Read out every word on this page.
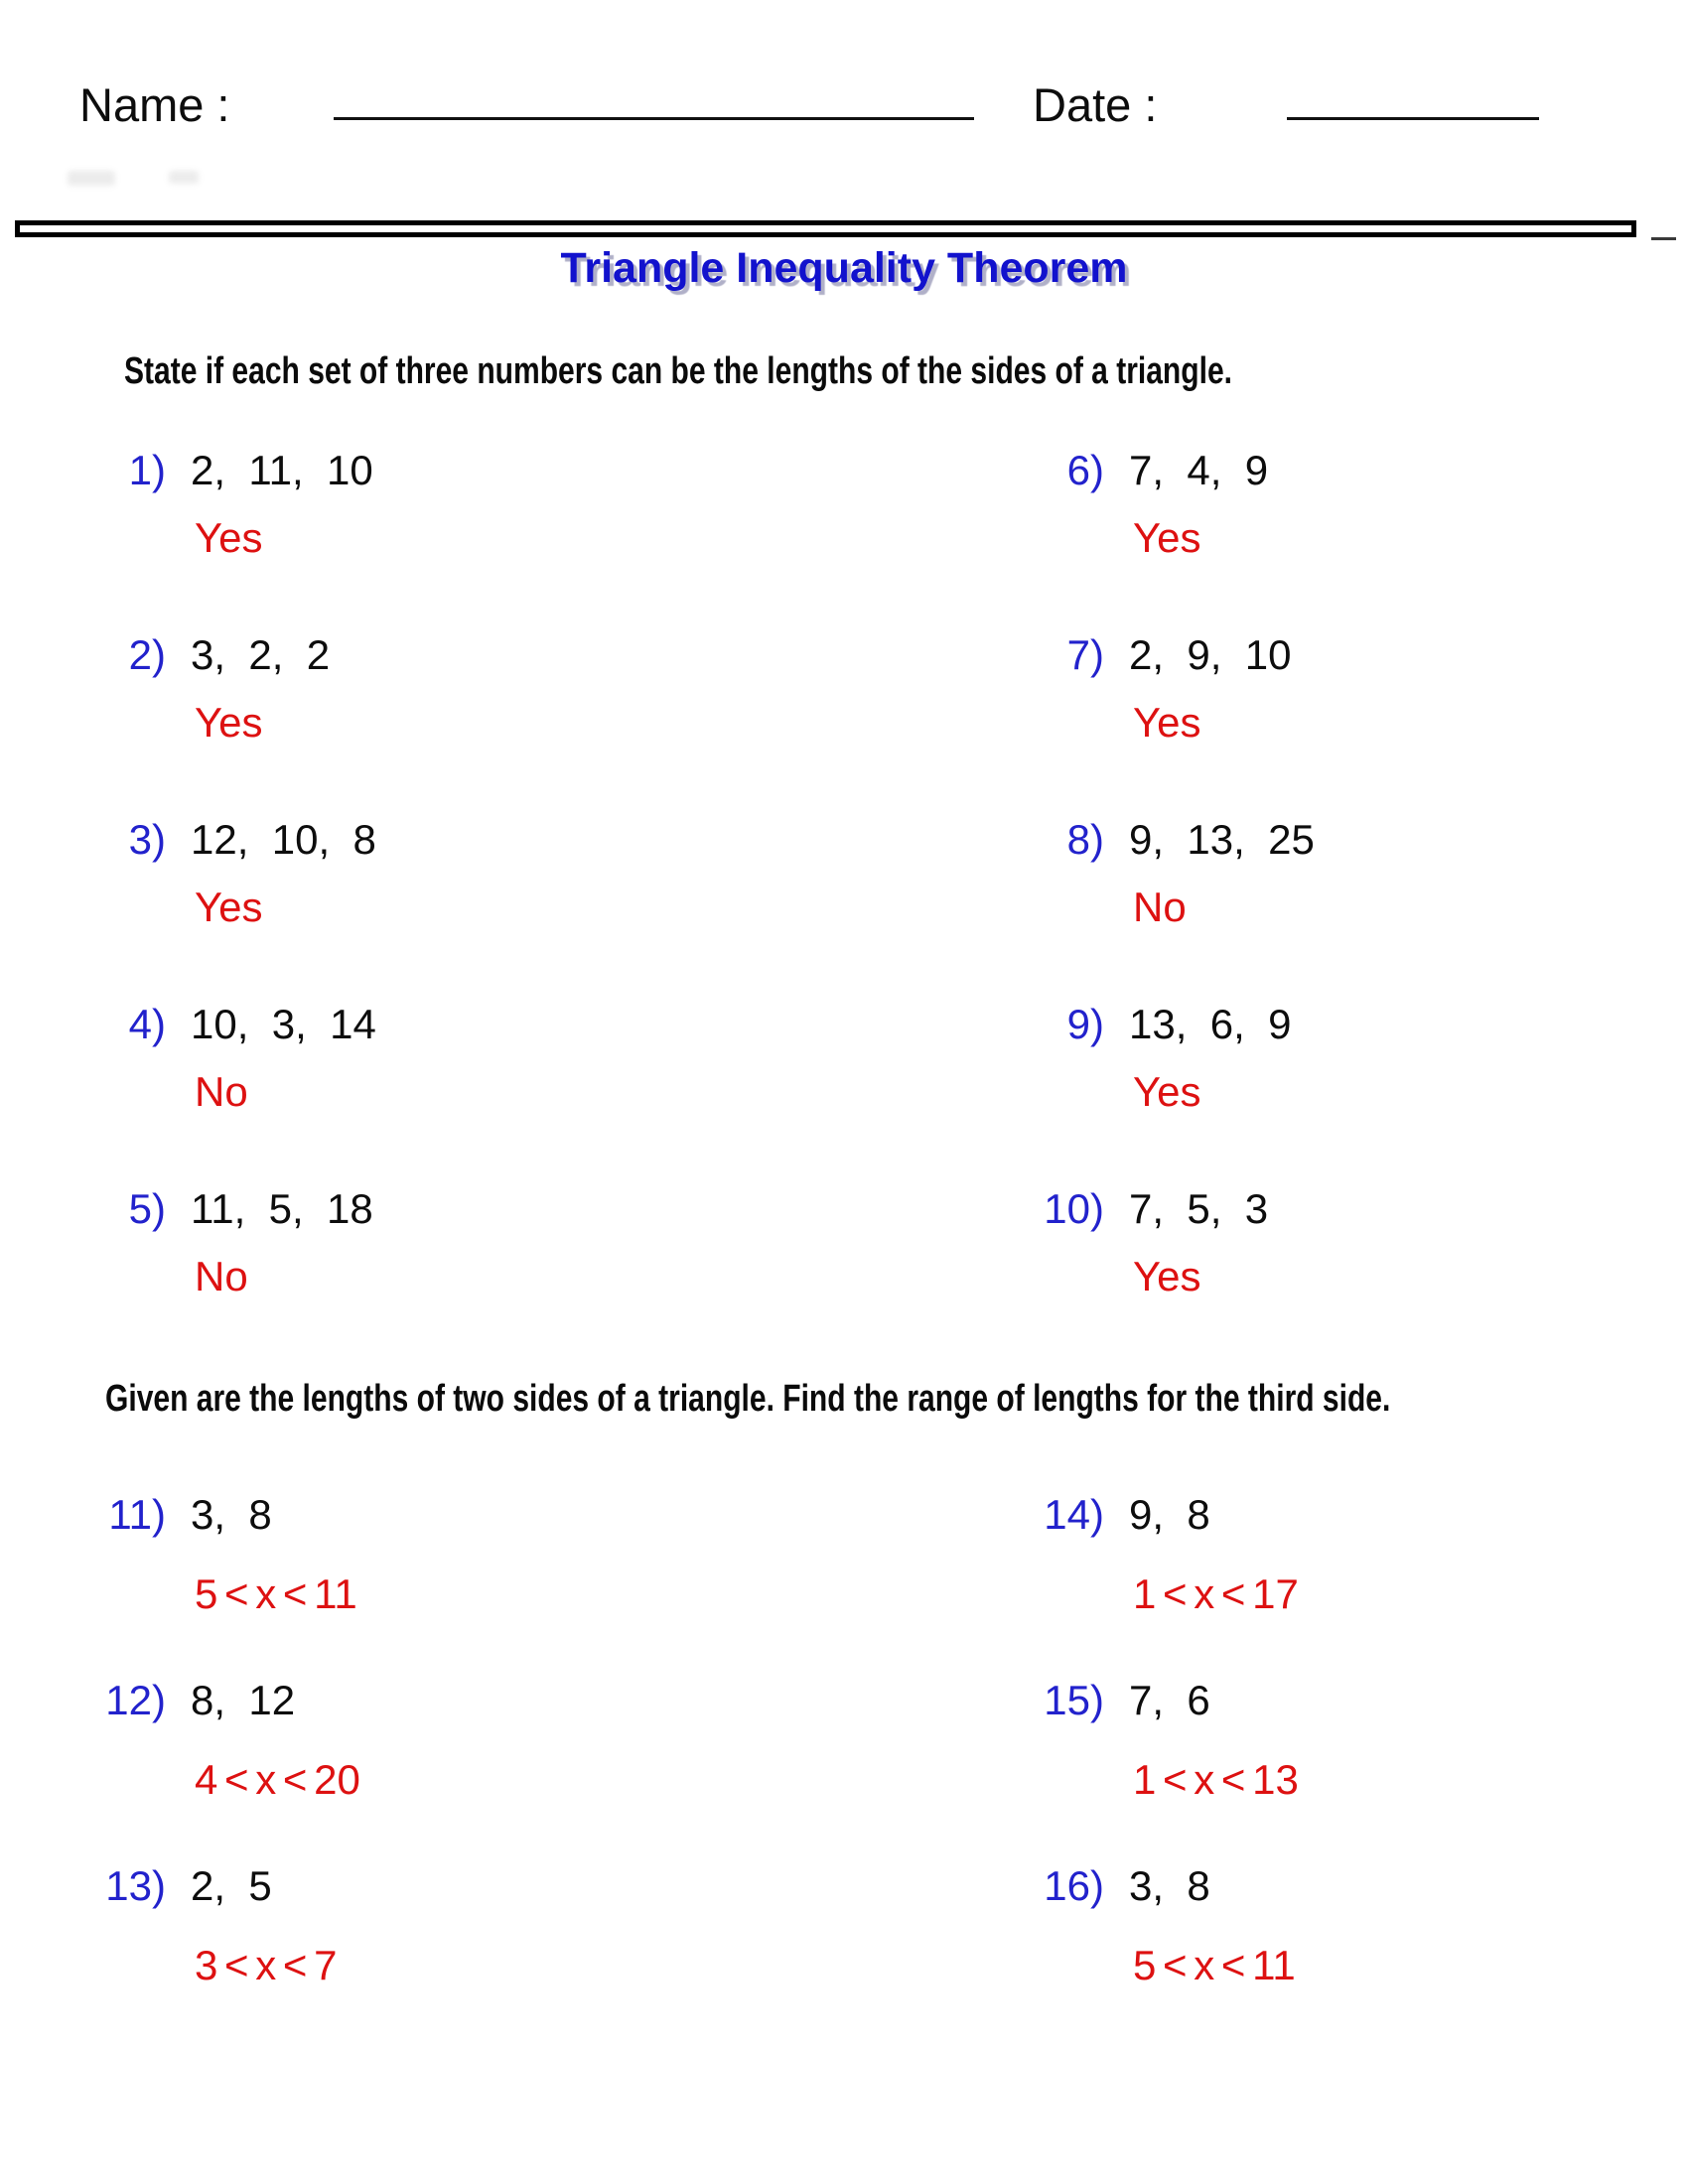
Name :	Date :
Triangle Inequality Theorem
State if each set of three numbers can be the lengths of the sides of a triangle.
1) 2,  11,  10
Yes
2) 3,  2,  2
Yes
3) 12,  10,  8
Yes
4) 10,  3,  14
No
5) 11,  5,  18
No
6) 7,  4,  9
Yes
7) 2,  9,  10
Yes
8) 9,  13,  25
No
9) 13,  6,  9
Yes
10) 7,  5,  3
Yes
Given are the lengths of two sides of a triangle. Find the range of lengths for the third side.
11) 3,  8
5 < x < 11
12) 8,  12
4 < x < 20
13) 2,  5
3 < x < 7
14) 9,  8
1 < x < 17
15) 7,  6
1 < x < 13
16) 3,  8
5 < x < 11
